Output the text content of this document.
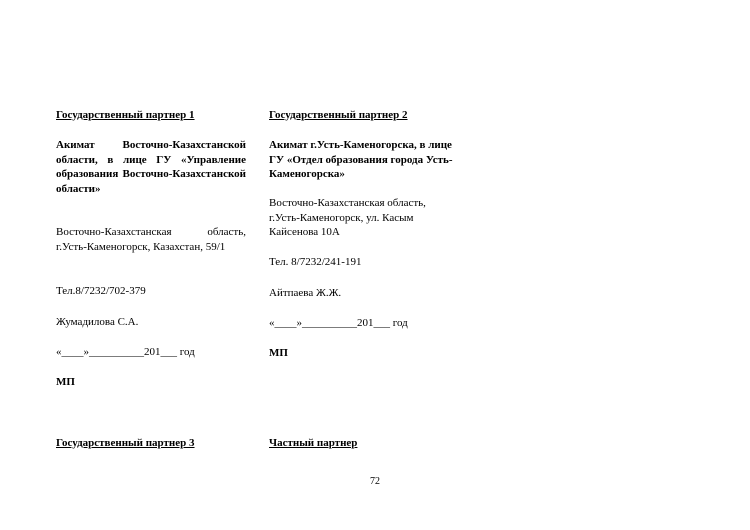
Государственный партнер 1

Акимат Восточно-Казахстанской области, в лице ГУ «Управление образования Восточно-Казахстанской области»

Восточно-Казахстанская область, г.Усть-Каменогорск, Казахстан, 59/1

Тел.8/7232/702-379

Жумадилова С.А.

«____»__________201___ год

МП

Государственный партнер 2

Акимат г.Усть-Каменогорска, в лице ГУ «Отдел образования города Усть-Каменогорска»

Восточно-Казахстанская область, г.Усть-Каменогорск, ул. Касым Кайсенова 10А

Тел. 8/7232/241-191

Айтпаева Ж.Ж.

«____»__________201___ год

МП

Государственный партнер 3	Частный партнер
72
